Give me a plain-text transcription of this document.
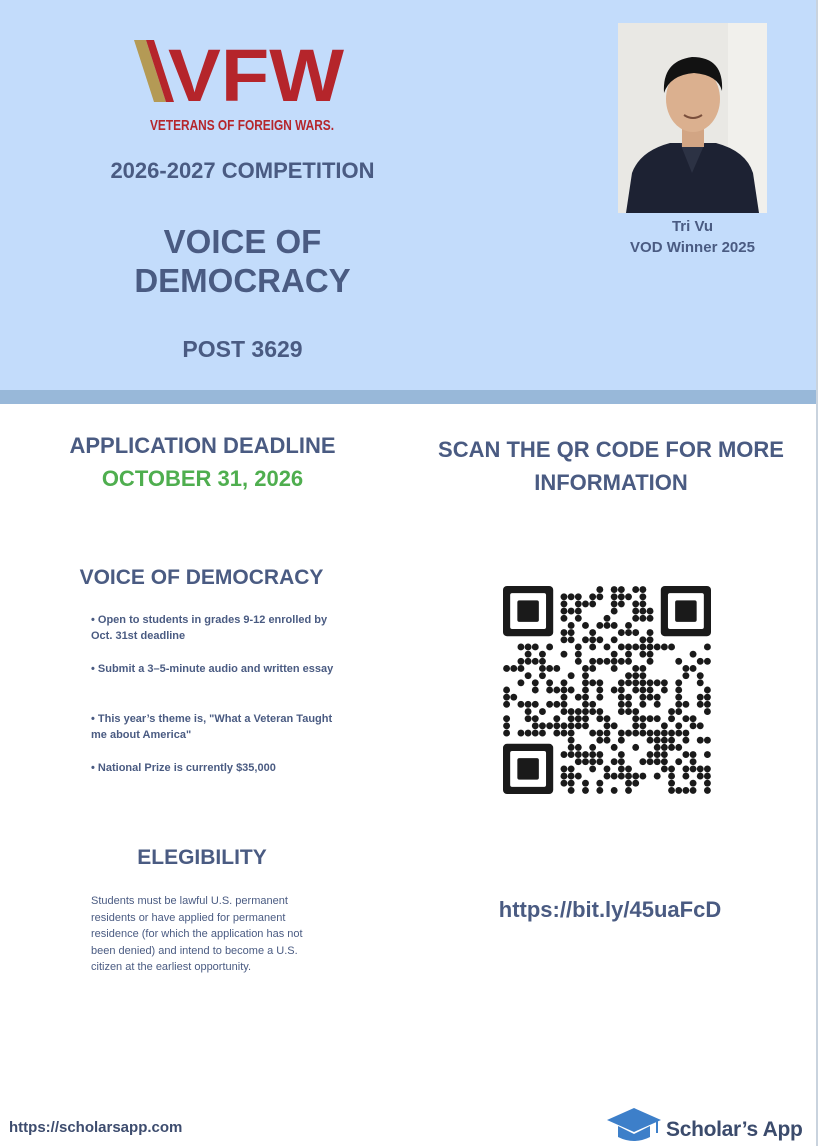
VFW
VETERANS OF FOREIGN WARS.
2026-2027 COMPETITION
VOICE OF DEMOCRACY
POST 3629
Tri Vu
VOD Winner 2025
APPLICATION DEADLINE
OCTOBER 31, 2026
SCAN THE QR CODE FOR MORE INFORMATION
VOICE OF DEMOCRACY
• Open to students in grades 9-12 enrolled by Oct. 31st deadline
• Submit a 3–5-minute audio and written essay
• This year’s theme is, "What a Veteran Taught me about America"
• National Prize is currently $35,000
ELEGIBILITY
Students must be lawful U.S. permanent residents or have applied for permanent residence (for which the application has not been denied) and intend to become a U.S. citizen at the earliest opportunity.
https://bit.ly/45uaFcD
https://scholarsapp.com	Scholar’s App
